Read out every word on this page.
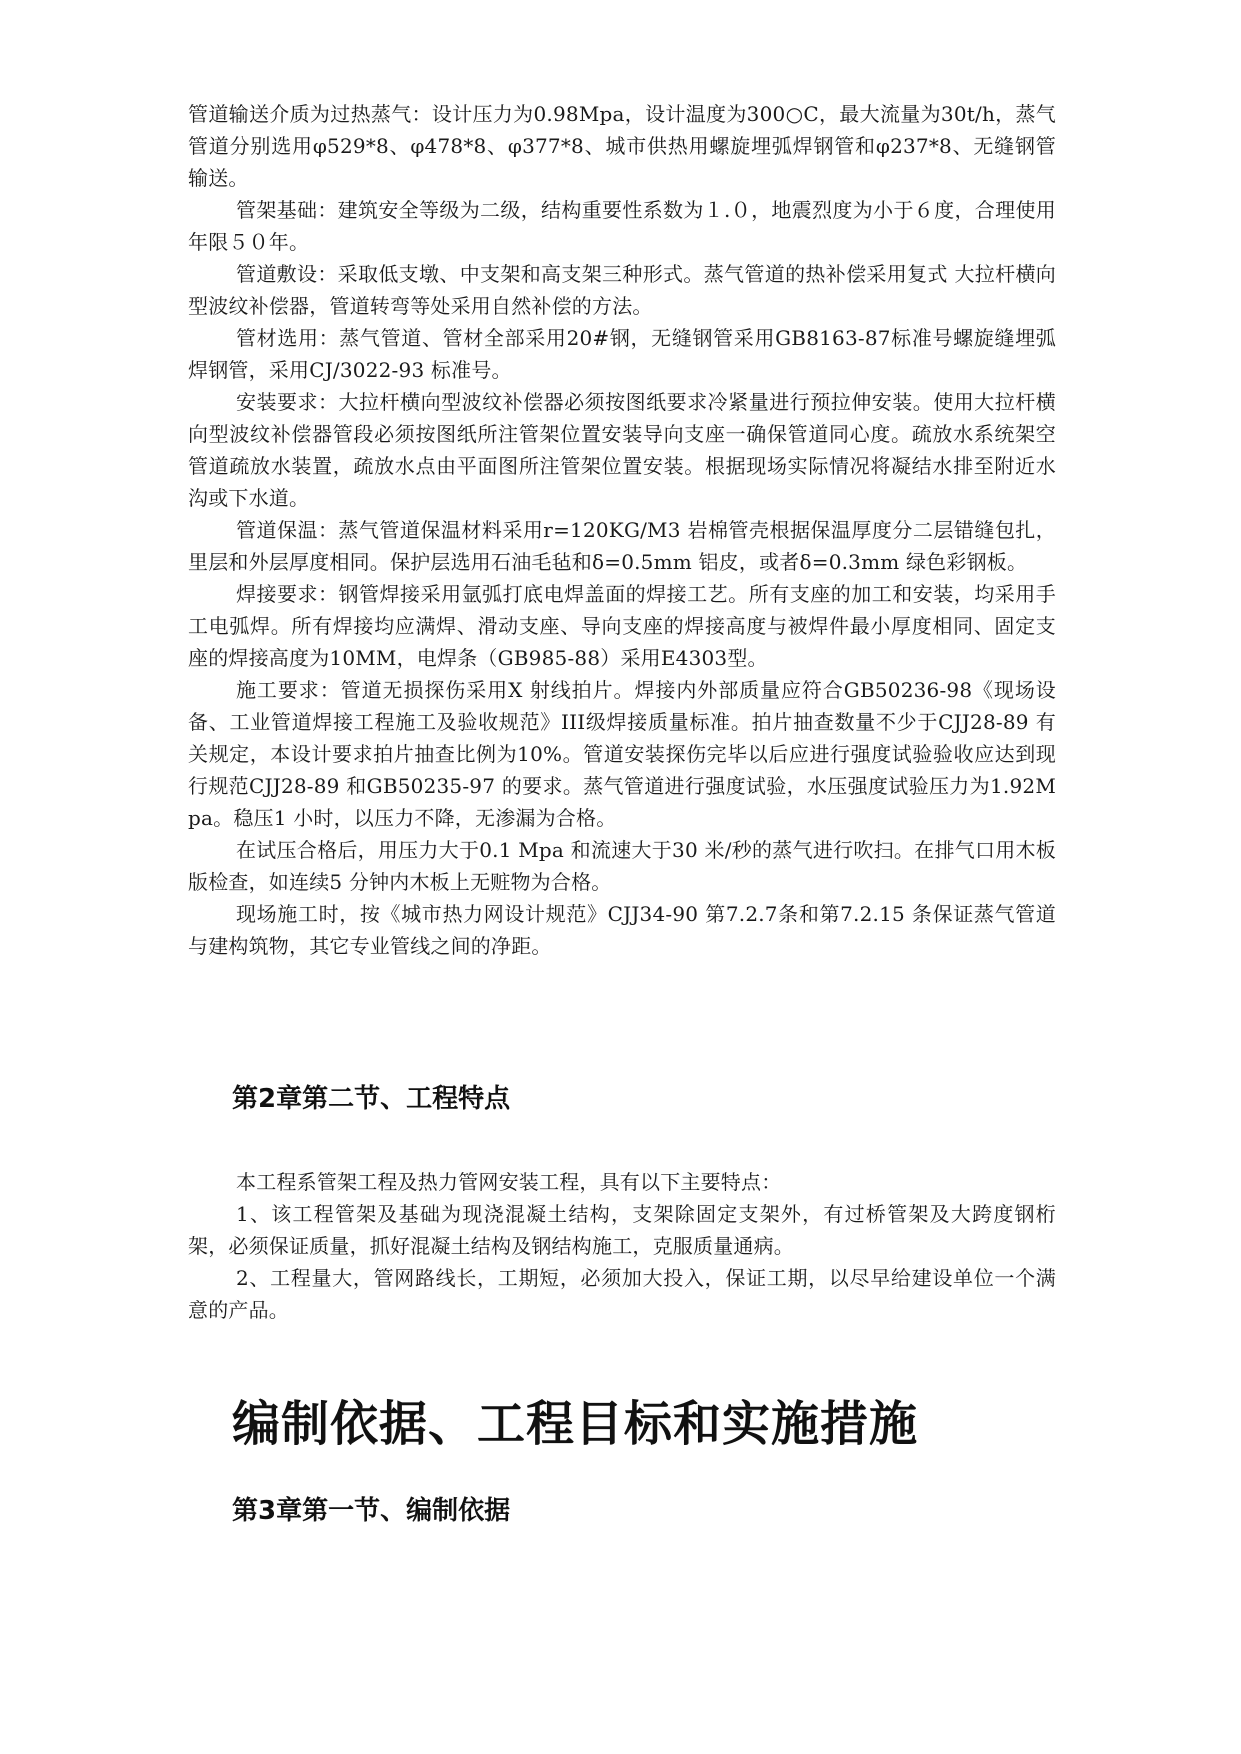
管道输送介质为过热蒸气：设计压力为0.98Mpa，设计温度为300○C，最大流量为30t/h，蒸气管道分别选用φ529*8、φ478*8、φ377*8、城市供热用螺旋埋弧焊钢管和φ237*8、无缝钢管输送。

管架基础：建筑安全等级为二级，结构重要性系数为１.０，地震烈度为小于６度，合理使用年限５０年。

管道敷设：采取低支墩、中支架和高支架三种形式。蒸气管道的热补偿采用复式 大拉杆横向型波纹补偿器，管道转弯等处采用自然补偿的方法。

管材选用：蒸气管道、管材全部采用20#钢，无缝钢管采用GB8163-87标准号螺旋缝埋弧焊钢管，采用CJ/3022-93 标准号。

安装要求：大拉杆横向型波纹补偿器必须按图纸要求冷紧量进行预拉伸安装。使用大拉杆横向型波纹补偿器管段必须按图纸所注管架位置安装导向支座一确保管道同心度。疏放水系统架空管道疏放水装置，疏放水点由平面图所注管架位置安装。根据现场实际情况将凝结水排至附近水沟或下水道。

管道保温：蒸气管道保温材料采用r=120KG/M3 岩棉管壳根据保温厚度分二层错缝包扎，里层和外层厚度相同。保护层选用石油毛毡和δ=0.5mm 铝皮，或者δ=0.3mm 绿色彩钢板。

焊接要求：钢管焊接采用氩弧打底电焊盖面的焊接工艺。所有支座的加工和安装，均采用手工电弧焊。所有焊接均应满焊、滑动支座、导向支座的焊接高度与被焊件最小厚度相同、固定支座的焊接高度为10MM，电焊条（GB985-88）采用E4303型。

施工要求：管道无损探伤采用X 射线拍片。焊接内外部质量应符合GB50236-98《现场设备、工业管道焊接工程施工及验收规范》III级焊接质量标准。拍片抽查数量不少于CJJ28-89 有关规定，本设计要求拍片抽查比例为10%。管道安装探伤完毕以后应进行强度试验验收应达到现行规范CJJ28-89 和GB50235-97 的要求。蒸气管道进行强度试验，水压强度试验压力为1.92Mpa。稳压1 小时，以压力不降，无渗漏为合格。

在试压合格后，用压力大于0.1 Mpa 和流速大于30 米/秒的蒸气进行吹扫。在排气口用木板版检查，如连续5 分钟内木板上无赃物为合格。

现场施工时，按《城市热力网设计规范》CJJ34-90 第7.2.7条和第7.2.15 条保证蒸气管道与建构筑物，其它专业管线之间的净距。

第2章第二节、工程特点

本工程系管架工程及热力管网安装工程，具有以下主要特点：

1、该工程管架及基础为现浇混凝土结构，支架除固定支架外，有过桥管架及大跨度钢桁架，必须保证质量，抓好混凝土结构及钢结构施工，克服质量通病。

2、工程量大，管网路线长，工期短，必须加大投入，保证工期，以尽早给建设单位一个满意的产品。

编制依据、工程目标和实施措施
第3章第一节、编制依据
